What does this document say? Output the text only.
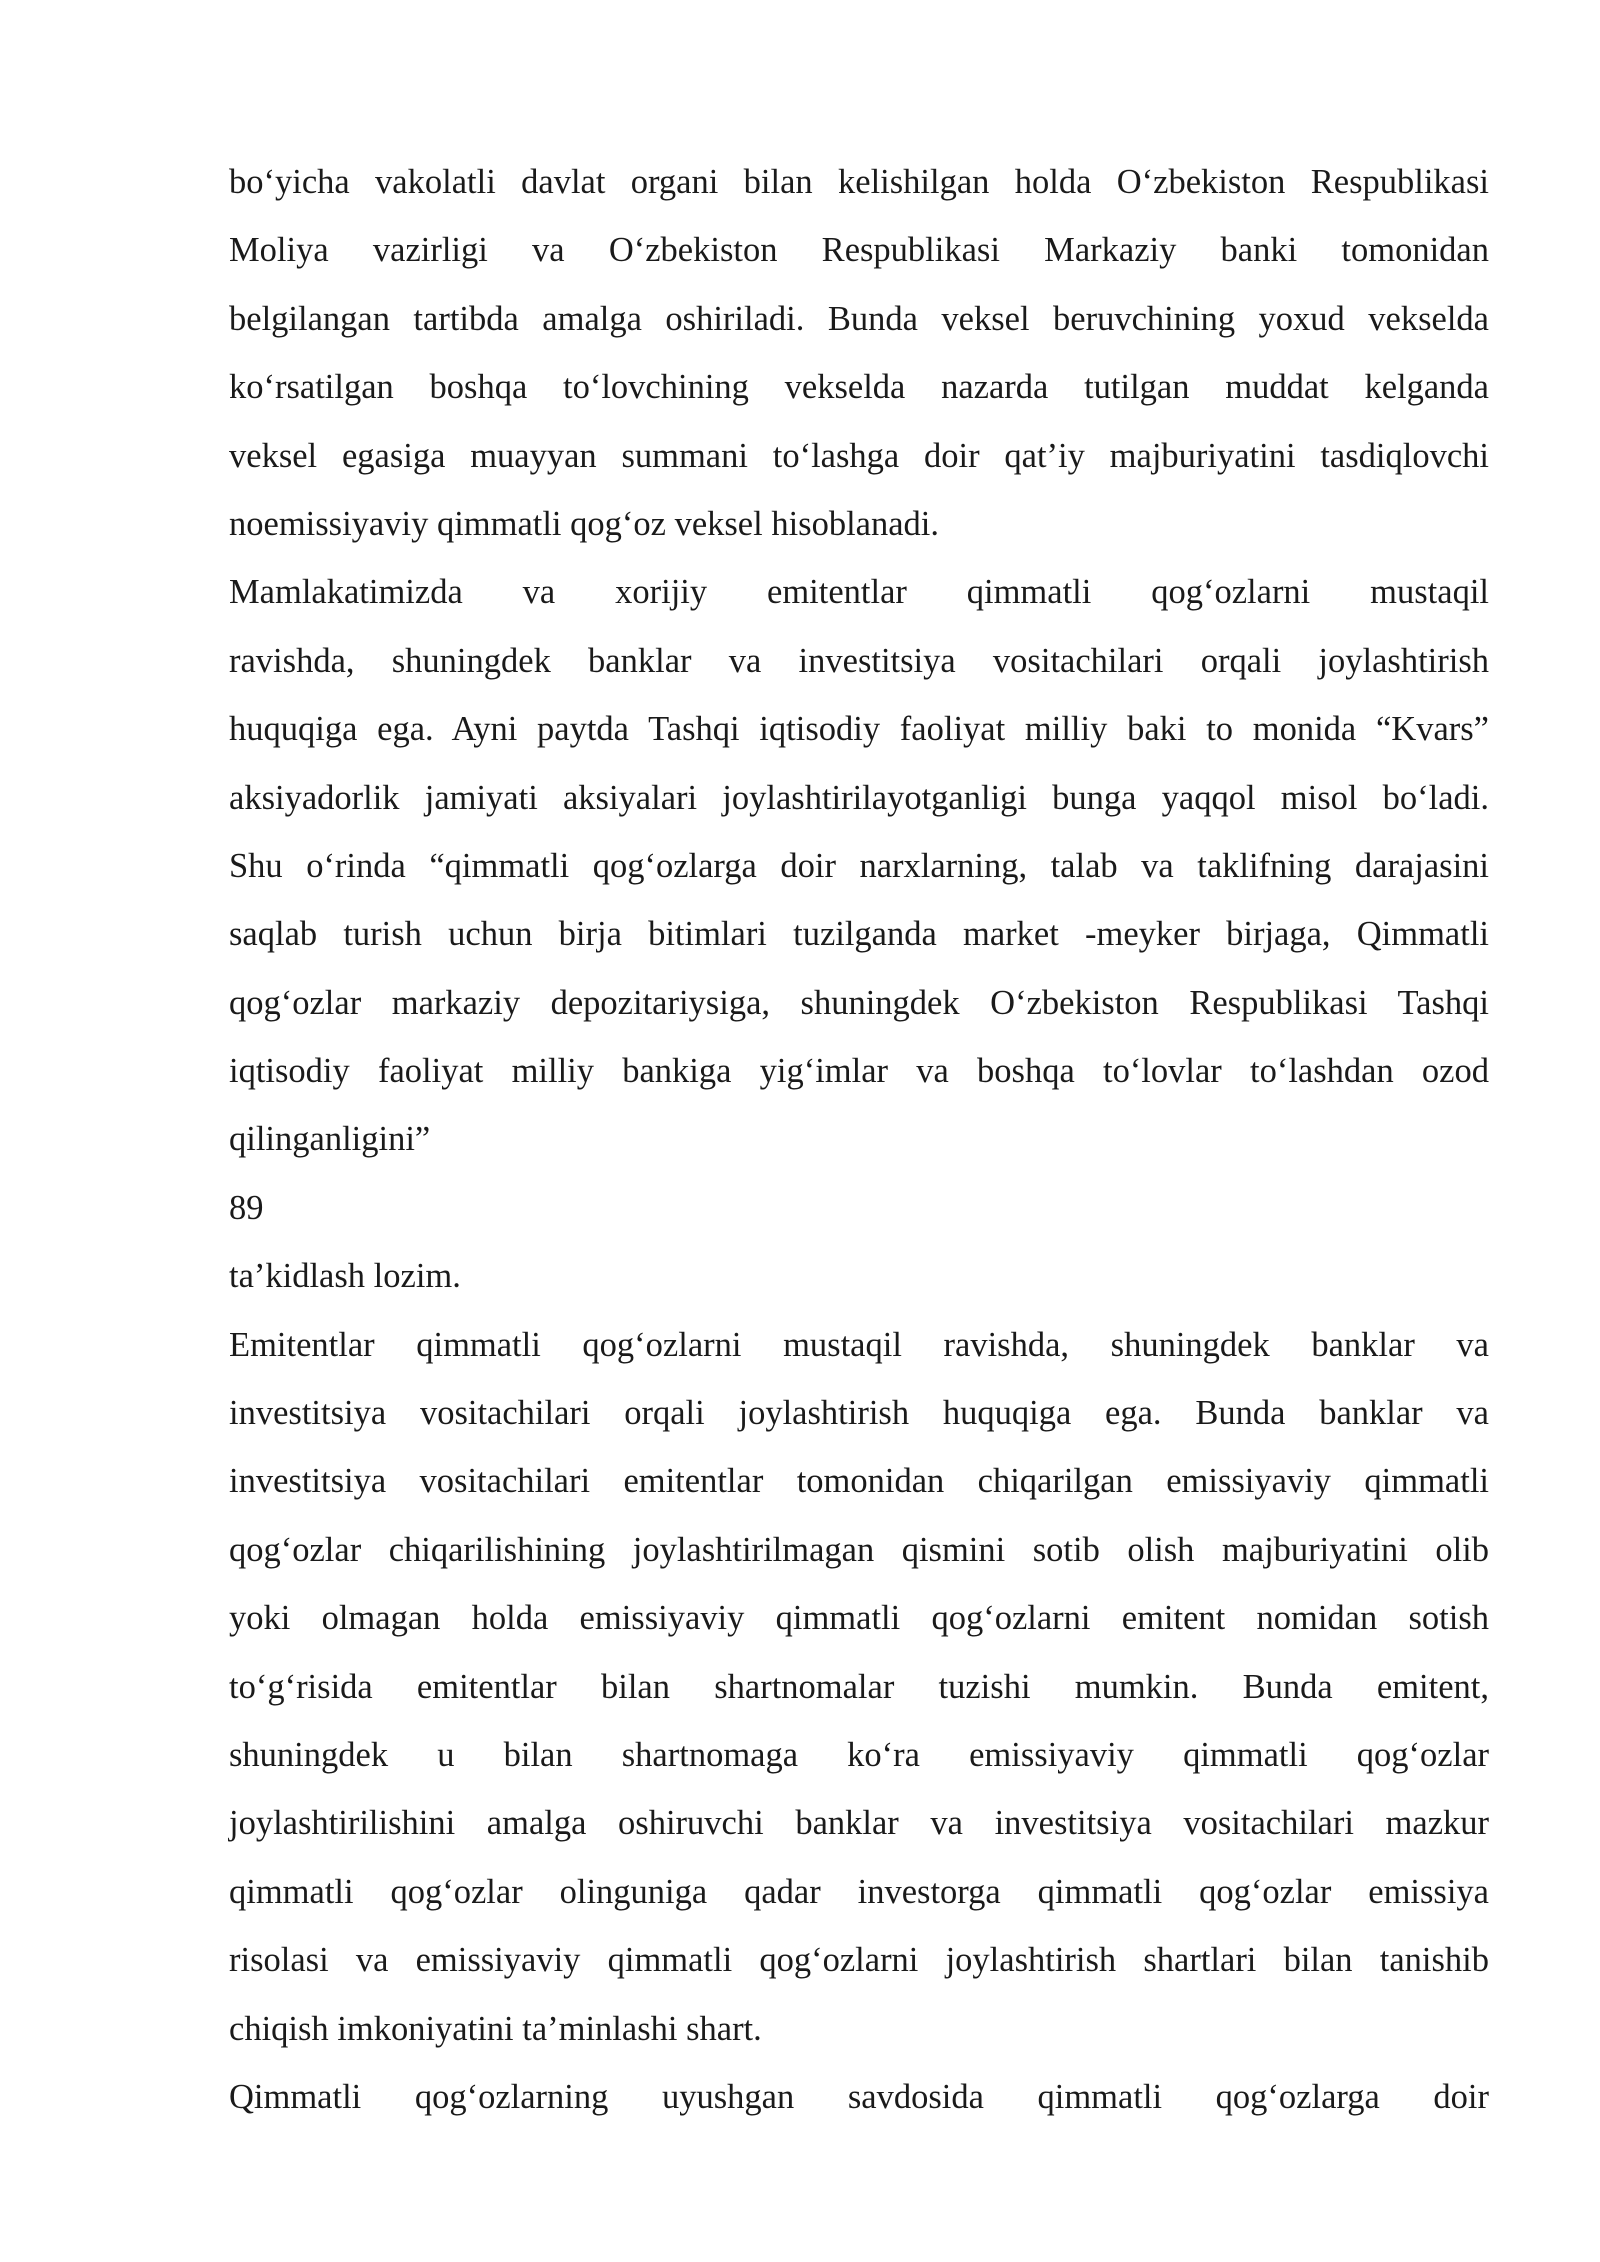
bo‘yicha vakolatli davlat organi bilan kelishilgan holda O‘zbekiston Respublikasi
Moliya vazirligi va O‘zbekiston Respublikasi Markaziy banki tomonidan
belgilangan tartibda amalga oshiriladi. Bunda veksel beruvchining yoxud vekselda
ko‘rsatilgan boshqa to‘lovchining vekselda nazarda tutilgan muddat kelganda
veksel egasiga muayyan summani to‘lashga doir qat’iy majburiyatini tasdiqlovchi
noemissiyaviy qimmatli qog‘oz veksel hisoblanadi.
Mamlakatimizda va xorijiy emitentlar qimmatli qog‘ozlarni mustaqil
ravishda, shuningdek banklar va investitsiya vositachilari orqali joylashtirish
huquqiga ega. Ayni paytda Tashqi iqtisodiy faoliyat milliy baki to monida “Kvars”
aksiyadorlik jamiyati aksiyalari joylashtirilayotganligi bunga yaqqol misol bo‘ladi.
Shu o‘rinda “qimmatli qog‘ozlarga doir narxlarning, talab va taklifning darajasini
saqlab turish uchun birja bitimlari tuzilganda market -meyker birjaga, Qimmatli
qog‘ozlar markaziy depozitariysiga, shuningdek O‘zbekiston Respublikasi Tashqi
iqtisodiy faoliyat milliy bankiga yig‘imlar va boshqa to‘lovlar to‘lashdan ozod
qilinganligini”
89
ta’kidlash lozim.
Emitentlar qimmatli qog‘ozlarni mustaqil ravishda, shuningdek banklar va
investitsiya vositachilari orqali joylashtirish huquqiga ega. Bunda banklar va
investitsiya vositachilari emitentlar tomonidan chiqarilgan emissiyaviy qimmatli
qog‘ozlar chiqarilishining joylashtirilmagan qismini sotib olish majburiyatini olib
yoki olmagan holda emissiyaviy qimmatli qog‘ozlarni emitent nomidan sotish
to‘g‘risida emitentlar bilan shartnomalar tuzishi mumkin. Bunda emitent,
shuningdek u bilan shartnomaga ko‘ra emissiyaviy qimmatli qog‘ozlar
joylashtirilishini amalga oshiruvchi banklar va investitsiya vositachilari mazkur
qimmatli qog‘ozlar olinguniga qadar investorga qimmatli qog‘ozlar emissiya
risolasi va emissiyaviy qimmatli qog‘ozlarni joylashtirish shartlari bilan tanishib
chiqish imkoniyatini ta’minlashi shart.
Qimmatli qog‘ozlarning uyushgan savdosida qimmatli qog‘ozlarga doir
